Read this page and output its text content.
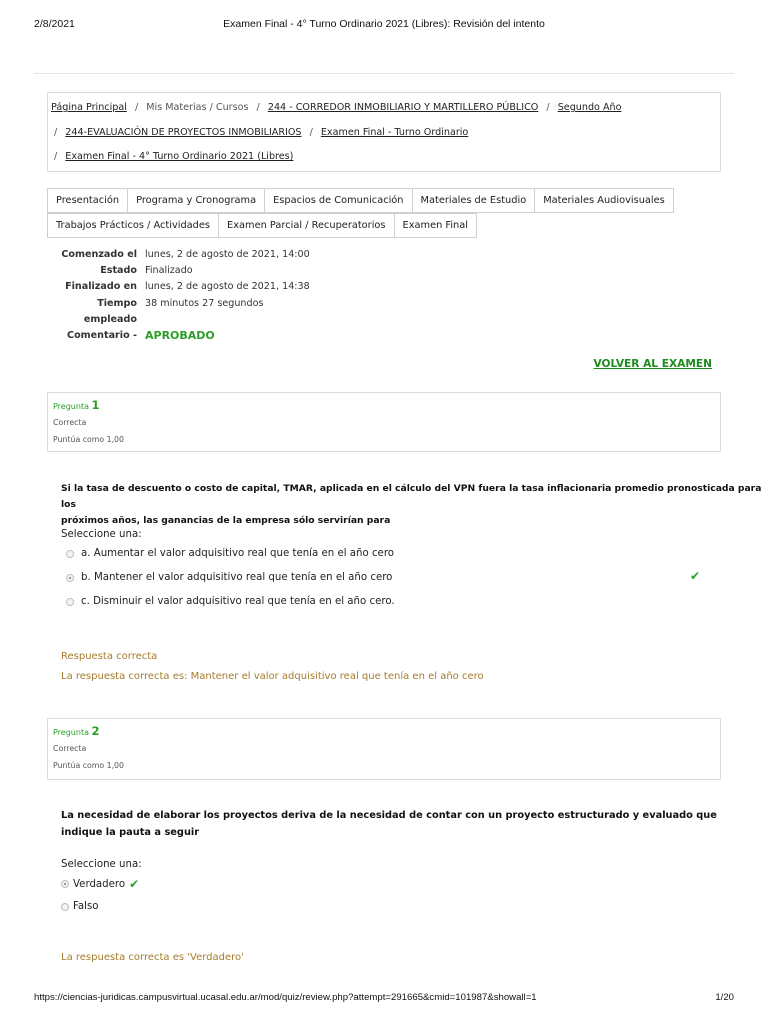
2/8/2021	Examen Final - 4° Turno Ordinario 2021 (Libres): Revisión del intento
Página Principal / Mis Materias / Cursos / 244 - CORREDOR INMOBILIARIO Y MARTILLERO PÚBLICO / Segundo Año
/ 244-EVALUACIÓN DE PROYECTOS INMOBILIARIOS / Examen Final - Turno Ordinario
/ Examen Final - 4° Turno Ordinario 2021 (Libres)
Presentación	Programa y Cronograma	Espacios de Comunicación	Materiales de Estudio	Materiales Audiovisuales
Trabajos Prácticos / Actividades	Examen Parcial / Recuperatorios	Examen Final
Comenzado el lunes, 2 de agosto de 2021, 14:00
Estado Finalizado
Finalizado en lunes, 2 de agosto de 2021, 14:38
Tiempo
empleado
38 minutos 27 segundos
Comentario - APROBADO
VOLVER AL EXAMEN
Pregunta 1
Correcta
Puntúa como 1,00
Si la tasa de descuento o costo de capital, TMAR, aplicada en el cálculo del VPN fuera la tasa inflacionaria promedio pronosticada para los
próximos años, las ganancias de la empresa sólo servirían para
Seleccione una:
a. Aumentar el valor adquisitivo real que tenía en el año cero
b. Mantener el valor adquisitivo real que tenía en el año cero	✔
c. Disminuir el valor adquisitivo real que tenía en el año cero.
Respuesta correcta
La respuesta correcta es: Mantener el valor adquisitivo real que tenía en el año cero
Pregunta 2
Correcta
Puntúa como 1,00
La necesidad de elaborar los proyectos deriva de la necesidad de contar con un proyecto estructurado y evaluado que
indique la pauta a seguir
Seleccione una:
Verdadero ✔
Falso
La respuesta correcta es 'Verdadero'
https://ciencias-juridicas.campusvirtual.ucasal.edu.ar/mod/quiz/review.php?attempt=291665&cmid=101987&showall=1	1/20
